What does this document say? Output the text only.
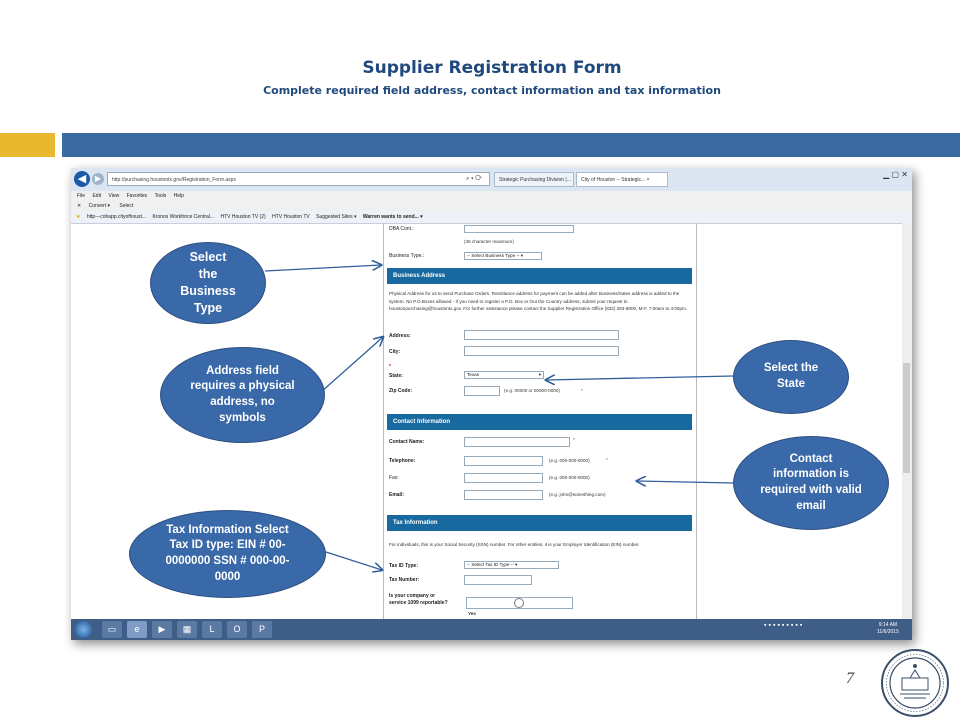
Supplier Registration Form
Complete required field address, contact information and tax information
◀	▶	http://purchasing.houstontx.gov/Registration_Form.aspx	⌕ ▾ ⟳	Strategic Purchasing Division |...	City of Houston -- Strategic... ×
▁ ▢ ✕
File Edit View Favorites Tools Help
✕ Convert ▾ Select
★ http---cohapp.cityofhoust... Kronos Workforce Central... HTV Houston TV (2) HTV Houston TV Suggested Sites ▾ Warren wants to send... ▾
DBA Cont.:
(35 character maximum)
Business Type.:	-- Select Business Type -- ▾
Business Address
Physical Address for us to send Purchase Orders. Remittance address for payment can be added after Business/Sales address is added to the system. No P.O.Boxes allowed - If you need to register a P.O. Box or Out the Country address, submit your request to houstonpurchasing@houstontx.gov. For further assistance please contact the Supplier Registration Office (832) 393-8800, M-F, 7:00am to 4:00pm.
Address:
City:
*
State:	Texas	▾
Zip Code:	(e.g. 00000 or 00000-0000)	*
Contact Information
Contact Name:	*
Telephone:	(e.g. 000-000-0000)	*
Fax:	(e.g. 000-000-0000)
Email:	(e.g. john@something.com)
Tax Information
For individuals, this is your Social Security (SSN) number. For other entities, it is your Employer Identification (EIN) number.
Tax ID Type:	-- Select Tax ID Type -- ▾
Tax Number:
Is your company or
service 1099 reportable?
Yes
▭	e	▶	▦	L	O	P	▪▪▪▪▪▪▪▪▪	9:14 AM
11/6/2015
Select the Business Type
Address field requires a physical address, no symbols
Select the State
Contact information is required with valid email
Tax Information Select Tax ID type: EIN # 00-0000000 SSN # 000-00-0000
7
